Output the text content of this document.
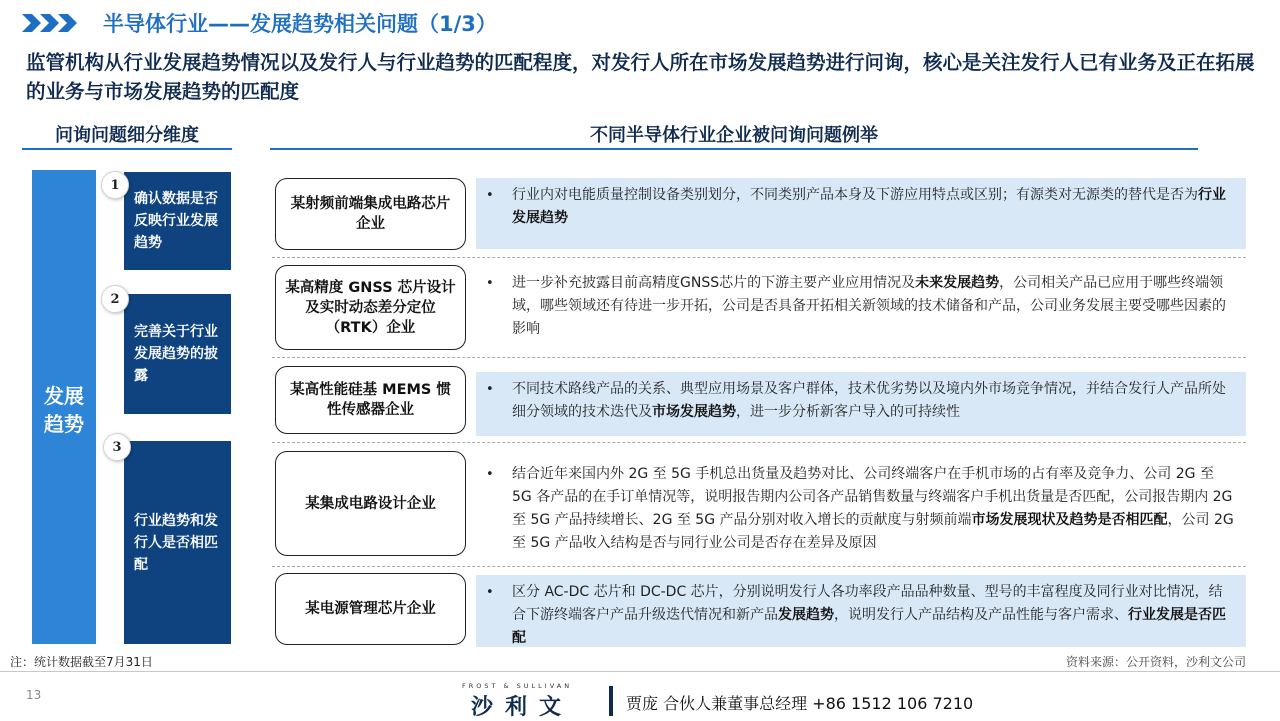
半导体行业——发展趋势相关问题（1/3）
监管机构从行业发展趋势情况以及发行人与行业趋势的匹配程度，对发行人所在市场发展趋势进行问询，核心是关注发行人已有业务及正在拓展的业务与市场发展趋势的匹配度
问询问题细分维度	不同半导体行业企业被问询问题例举
发展
趋势
确认数据是否反映行业发展趋势
完善关于行业发展趋势的披露
行业趋势和发行人是否相匹配
1
2
3
某射频前端集成电路芯片企业
• 行业内对电能质量控制设备类别划分，不同类别产品本身及下游应用特点或区别；有源类对无源类的替代是否为行业发展趋势
某高精度 GNSS 芯片设计及实时动态差分定位（RTK）企业
• 进一步补充披露目前高精度GNSS芯片的下游主要产业应用情况及未来发展趋势，公司相关产品已应用于哪些终端领域，哪些领域还有待进一步开拓，公司是否具备开拓相关新领域的技术储备和产品，公司业务发展主要受哪些因素的影响
某高性能硅基 MEMS 惯性传感器企业
• 不同技术路线产品的关系、典型应用场景及客户群体，技术优劣势以及境内外市场竞争情况，并结合发行人产品所处细分领域的技术迭代及市场发展趋势，进一步分析新客户导入的可持续性
某集成电路设计企业
• 结合近年来国内外 2G 至 5G 手机总出货量及趋势对比、公司终端客户在手机市场的占有率及竞争力、公司 2G 至 5G 各产品的在手订单情况等，说明报告期内公司各产品销售数量与终端客户手机出货量是否匹配，公司报告期内 2G 至 5G 产品持续增长、2G 至 5G 产品分别对收入增长的贡献度与射频前端市场发展现状及趋势是否相匹配，公司 2G 至 5G 产品收入结构是否与同行业公司是否存在差异及原因
某电源管理芯片企业
• 区分 AC-DC 芯片和 DC-DC 芯片，分别说明发行人各功率段产品品种数量、型号的丰富程度及同行业对比情况，结合下游终端客户产品升级迭代情况和新产品发展趋势，说明发行人产品结构及产品性能与客户需求、行业发展是否匹配
注：统计数据截至7月31日	资料来源：公开资料，沙利文公司
13
FROST & SULLIVAN
沙利文	贾庞 合伙人兼董事总经理 +86 1512 106 7210
